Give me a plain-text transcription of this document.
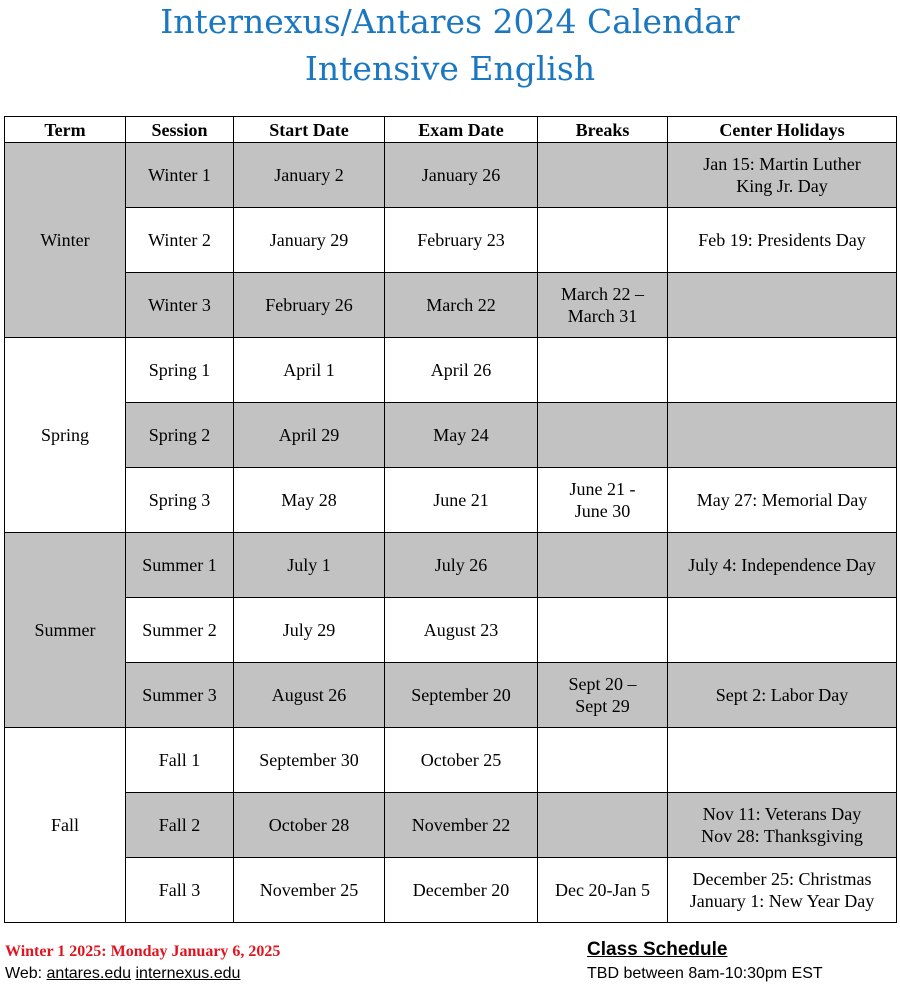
Internexus/Antares 2024 Calendar
Intensive English
Term	Session	Start Date	Exam Date	Breaks	Center Holidays
Winter	Winter 1	January 2	January 26		Jan 15: Martin Luther
King Jr. Day

	Winter 2	January 29	February 23		Feb 19: Presidents Day

	Winter 3	February 26	March 22	March 22 –
March 31	

Spring	Spring 1	April 1	April 26		
	Spring 2	April 29	May 24		
	Spring 3	May 28	June 21	June 21 -
June 30	May 27: Memorial Day

Summer	Summer 1	July 1	July 26		July 4: Independence Day

	Summer 2	July 29	August 23		
	Summer 3	August 26	September 20	Sept 20 –
Sept 29	Sept 2: Labor Day

Fall	Fall 1	September 30	October 25		
	Fall 2	October 28	November 22		Nov 11: Veterans Day
Nov 28: Thanksgiving

	Fall 3	November 25	December 20	Dec 20-Jan 5	December 25: Christmas
January 1: New Year Day
Winter 1 2025: Monday January 6, 2025
Web: antares.edu internexus.edu
Class Schedule
TBD between 8am-10:30pm EST
